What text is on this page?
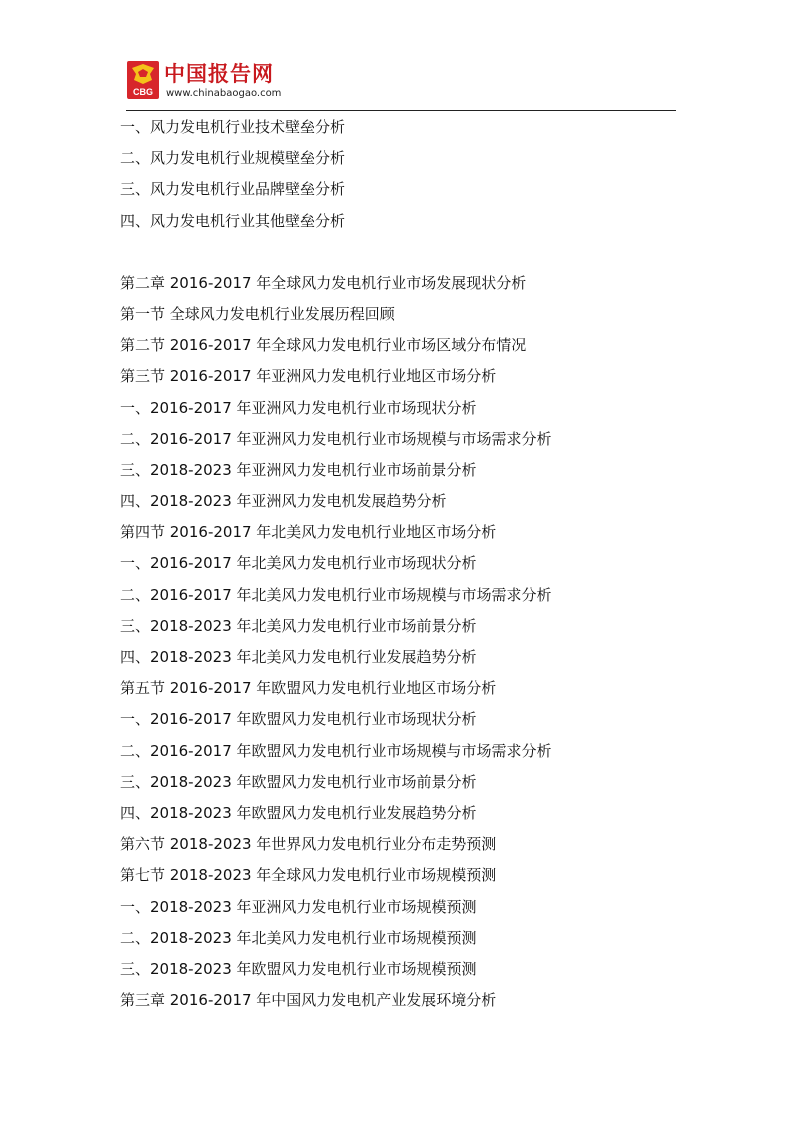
CBG
中国报告网
www.chinabaogao.com
一、风力发电机行业技术壁垒分析
二、风力发电机行业规模壁垒分析
三、风力发电机行业品牌壁垒分析
四、风力发电机行业其他壁垒分析
第二章 2016-2017 年全球风力发电机行业市场发展现状分析
第一节 全球风力发电机行业发展历程回顾
第二节 2016-2017 年全球风力发电机行业市场区域分布情况
第三节 2016-2017 年亚洲风力发电机行业地区市场分析
一、2016-2017 年亚洲风力发电机行业市场现状分析
二、2016-2017 年亚洲风力发电机行业市场规模与市场需求分析
三、2018-2023 年亚洲风力发电机行业市场前景分析
四、2018-2023 年亚洲风力发电机发展趋势分析
第四节 2016-2017 年北美风力发电机行业地区市场分析
一、2016-2017 年北美风力发电机行业市场现状分析
二、2016-2017 年北美风力发电机行业市场规模与市场需求分析
三、2018-2023 年北美风力发电机行业市场前景分析
四、2018-2023 年北美风力发电机行业发展趋势分析
第五节 2016-2017 年欧盟风力发电机行业地区市场分析
一、2016-2017 年欧盟风力发电机行业市场现状分析
二、2016-2017 年欧盟风力发电机行业市场规模与市场需求分析
三、2018-2023 年欧盟风力发电机行业市场前景分析
四、2018-2023 年欧盟风力发电机行业发展趋势分析
第六节 2018-2023 年世界风力发电机行业分布走势预测
第七节 2018-2023 年全球风力发电机行业市场规模预测
一、2018-2023 年亚洲风力发电机行业市场规模预测
二、2018-2023 年北美风力发电机行业市场规模预测
三、2018-2023 年欧盟风力发电机行业市场规模预测
第三章 2016-2017 年中国风力发电机产业发展环境分析
